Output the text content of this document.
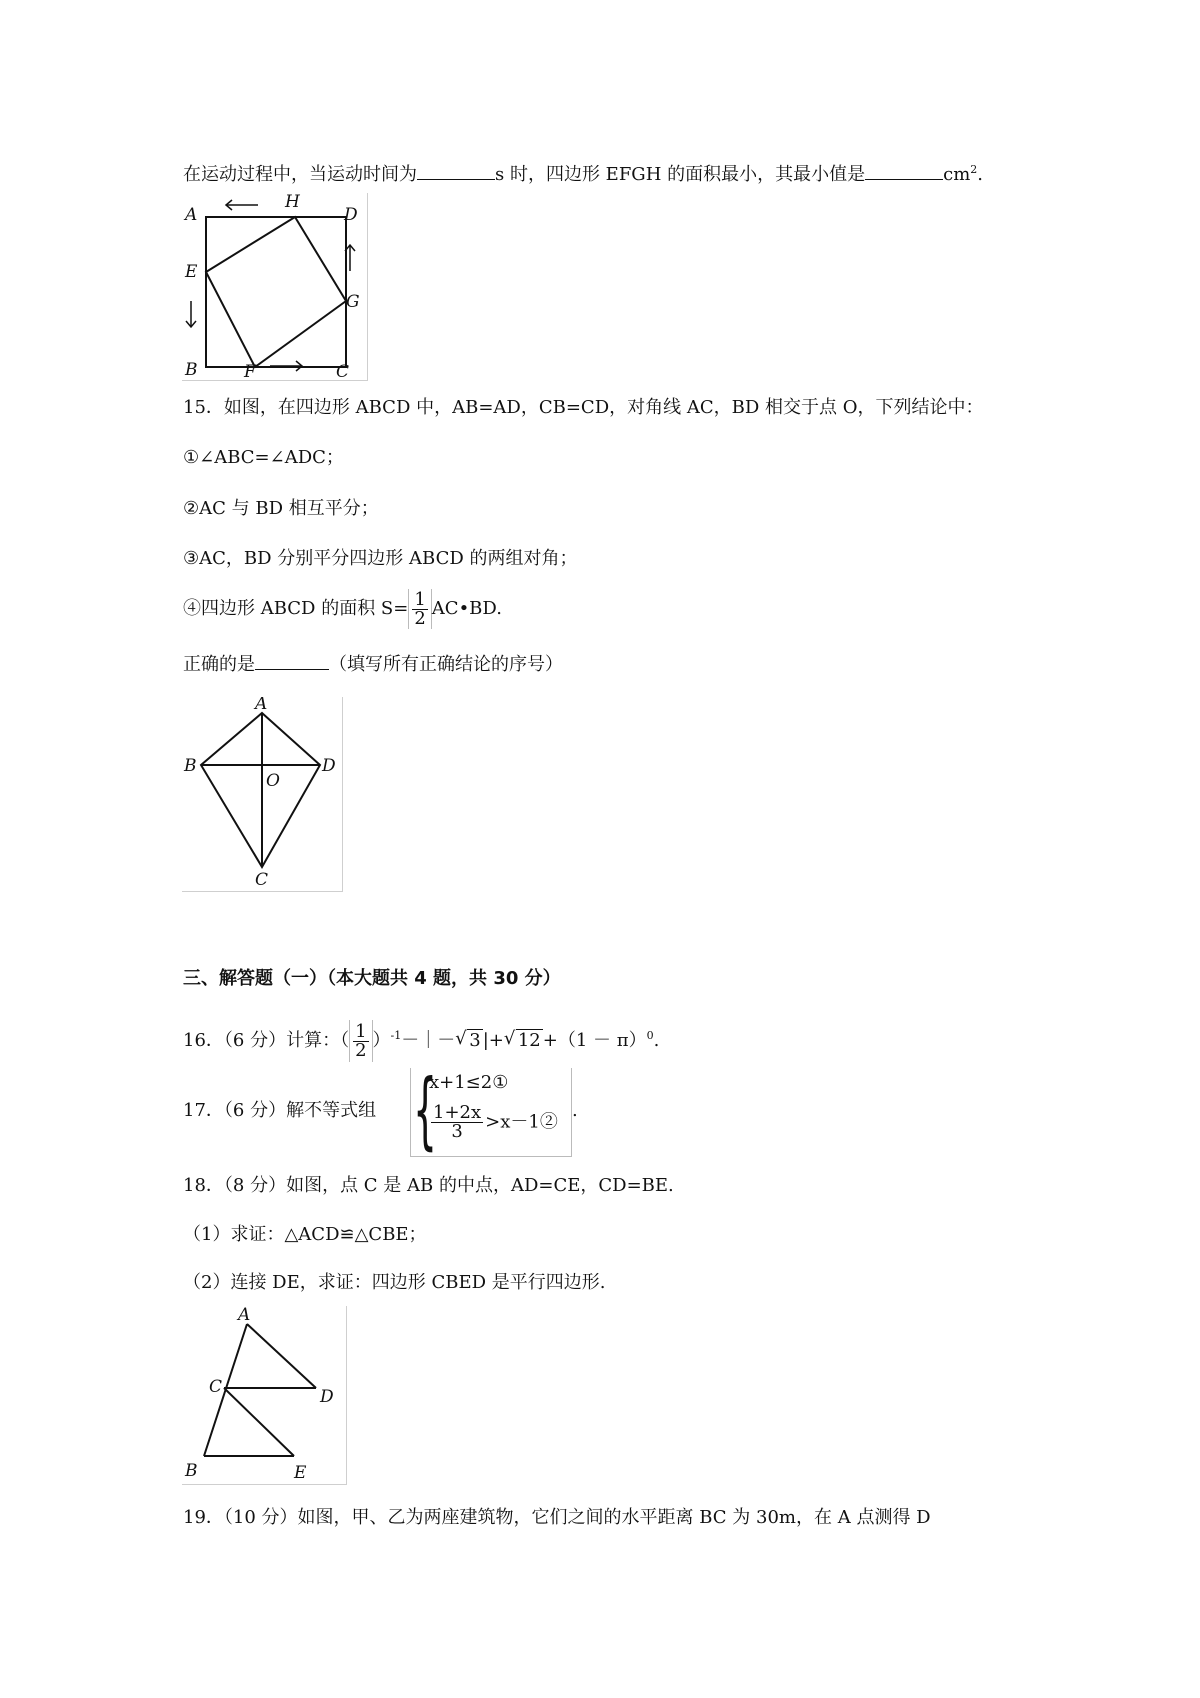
在运动过程中，当运动时间为	s 时，四边形 EFGH 的面积最小，其最小值是	$cm^2$.
A
H
D
E
G
B	F	C
15．如图，在四边形 ABCD 中，AB=AD，CB=CD，对角线 AC，BD 相交于点 O，下列结论中：
①∠ABC=∠ADC；
②AC 与 BD 相互平分；
③AC，BD 分别平分四边形 ABCD 的两组对角；
④四边形 ABCD 的面积 $S= \frac{1}{2}$ AC•BD.
正确的是	（填写所有正确结论的序号）
A
B
O
D
C
三、解答题（一）（本大题共 4 题，共 30 分）
16．（6 分）计算：（ $\frac{1}{2}$ ）$^{-1}$－｜－ √ 3 |+ √ $12 +(1 - \pi)^0$.
17．（6 分）解不等式组 {
x+1≤2①
$\frac{1+2x}{3}$ >x－1②
.
18．（8 分）如图，点 C 是 AB 的中点，AD=CE，CD=BE.
（1）求证：△ACD≌△CBE；
（2）连接 DE，求证：四边形 CBED 是平行四边形.
A
C	D
B	E
19．（10 分）如图，甲、乙为两座建筑物，它们之间的水平距离 BC 为 30m，在 A 点测得 D
